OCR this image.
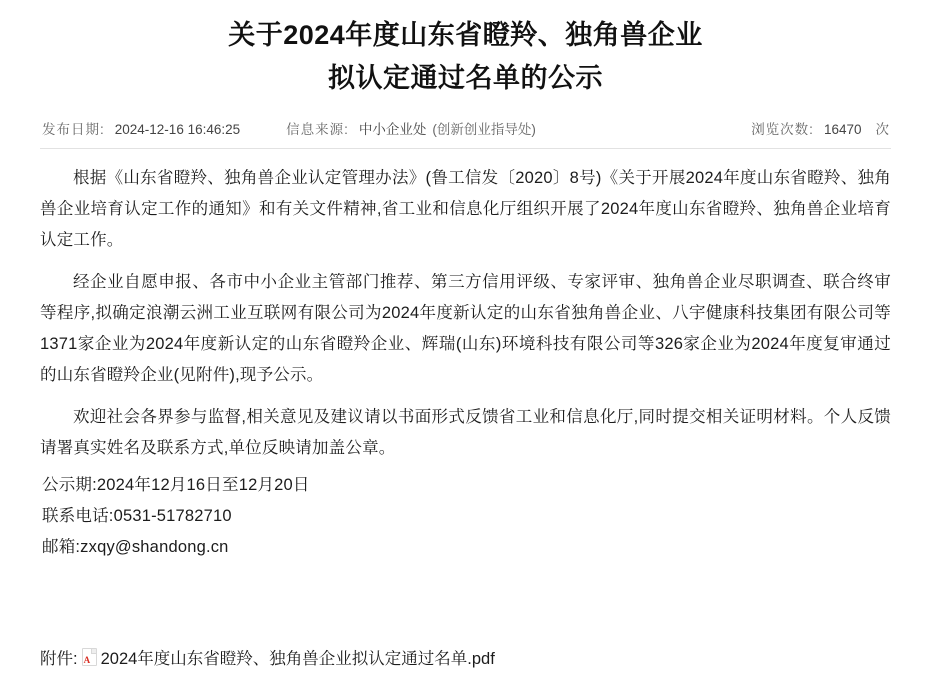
关于2024年度山东省瞪羚、独角兽企业
拟认定通过名单的公示
发布日期: 2024-12-16 16:46:25	信息来源: 中小企业处 (创新创业指导处)	浏览次数: 16470 次

根据《山东省瞪羚、独角兽企业认定管理办法》(鲁工信发〔2020〕8号)《关于开展2024年度山东省瞪羚、独角兽企业培育认定工作的通知》和有关文件精神,省工业和信息化厅组织开展了2024年度山东省瞪羚、独角兽企业培育认定工作。

经企业自愿申报、各市中小企业主管部门推荐、第三方信用评级、专家评审、独角兽企业尽职调查、联合终审等程序,拟确定浪潮云洲工业互联网有限公司为2024年度新认定的山东省独角兽企业、八宇健康科技集团有限公司等1371家企业为2024年度新认定的山东省瞪羚企业、辉瑞(山东)环境科技有限公司等326家企业为2024年度复审通过的山东省瞪羚企业(见附件),现予公示。

欢迎社会各界参与监督,相关意见及建议请以书面形式反馈省工业和信息化厅,同时提交相关证明材料。个人反馈请署真实姓名及联系方式,单位反映请加盖公章。

公示期:2024年12月16日至12月20日

联系电话:0531-51782710

邮箱:zxqy@shandong.cn

附件: A 2024年度山东省瞪羚、独角兽企业拟认定通过名单.pdf
